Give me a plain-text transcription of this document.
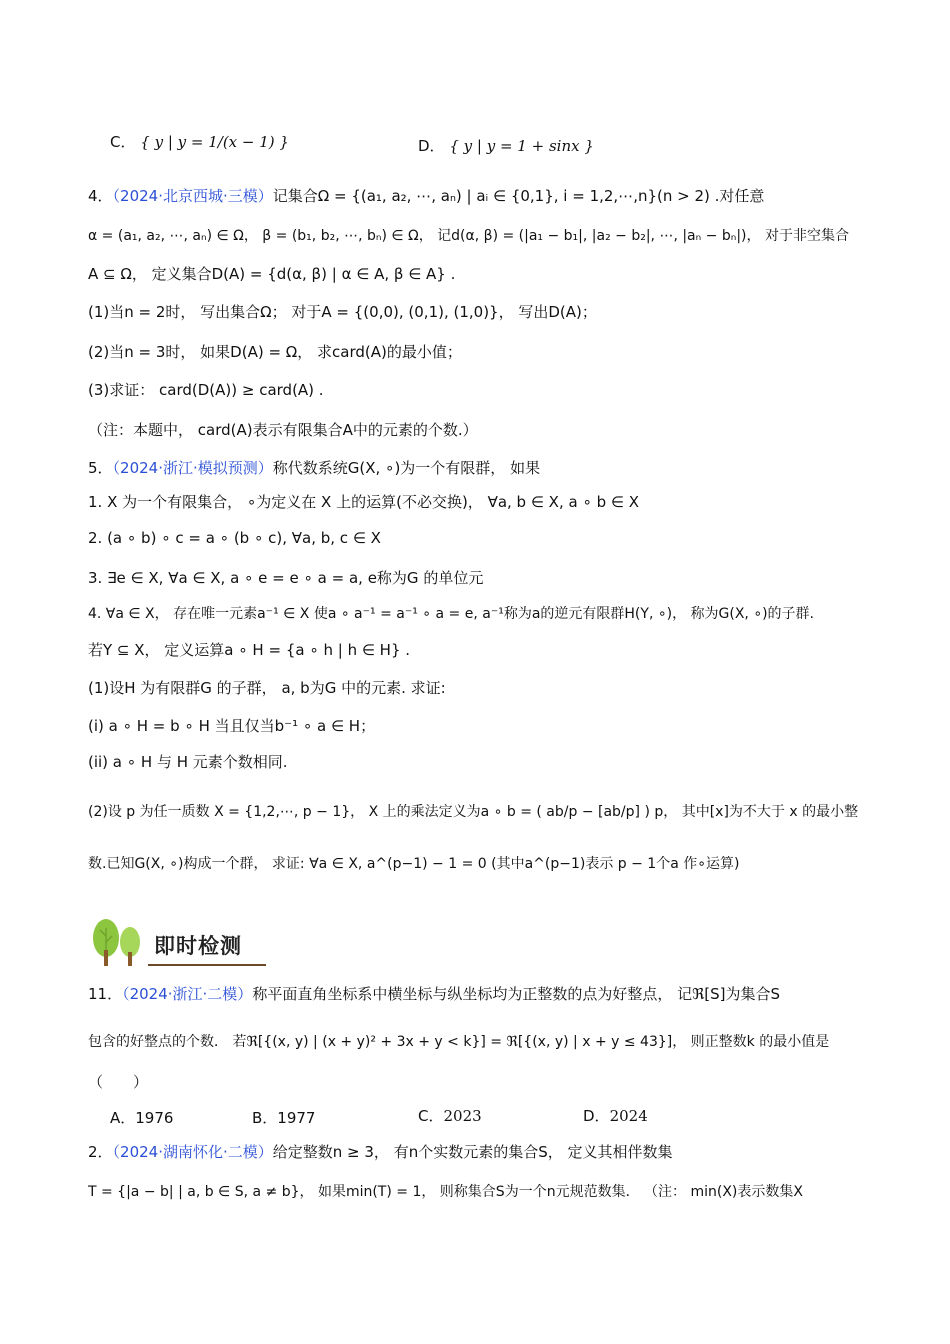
C． { y | y = 1/(x − 1) }	D． { y | y = 1 + sinx }
4．（2024·北京西城·三模）记集合Ω = {(a₁, a₂, ⋯, aₙ) | aᵢ ∈ {0,1}, i = 1,2,⋯,n}(n > 2) .对任意
α = (a₁, a₂, ⋯, aₙ) ∈ Ω， β = (b₁, b₂, ⋯, bₙ) ∈ Ω， 记d(α, β) = (|a₁ − b₁|, |a₂ − b₂|, ⋯, |aₙ − bₙ|)， 对于非空集合
A ⊆ Ω， 定义集合D(A) = {d(α, β) | α ∈ A, β ∈ A} .
(1)当n = 2时， 写出集合Ω； 对于A = {(0,0), (0,1), (1,0)}， 写出D(A)；
(2)当n = 3时， 如果D(A) = Ω， 求card(A)的最小值；
(3)求证： card(D(A)) ≥ card(A) .
（注：本题中， card(A)表示有限集合A中的元素的个数.）
5．（2024·浙江·模拟预测）称代数系统G(X, ∘)为一个有限群， 如果
1. X 为一个有限集合， ∘为定义在 X 上的运算(不必交换)， ∀a, b ∈ X, a ∘ b ∈ X
2. (a ∘ b) ∘ c = a ∘ (b ∘ c), ∀a, b, c ∈ X
3. ∃e ∈ X, ∀a ∈ X, a ∘ e = e ∘ a = a, e称为G 的单位元
4. ∀a ∈ X， 存在唯一元素a⁻¹ ∈ X 使a ∘ a⁻¹ = a⁻¹ ∘ a = e, a⁻¹称为a的逆元有限群H(Y, ∘)， 称为G(X, ∘)的子群.
若Y ⊆ X， 定义运算a ∘ H = {a ∘ h | h ∈ H} .
(1)设H 为有限群G 的子群， a, b为G 中的元素. 求证:
(i) a ∘ H = b ∘ H 当且仅当b⁻¹ ∘ a ∈ H；
(ii) a ∘ H 与 H 元素个数相同.
(2)设 p 为任一质数 X = {1,2,⋯, p − 1}， X 上的乘法定义为a ∘ b = ( ab/p − [ab/p] ) p， 其中[x]为不大于 x 的最小整
数.已知G(X, ∘)构成一个群， 求证: ∀a ∈ X, a^(p−1) − 1 = 0 (其中a^(p−1)表示 p − 1个a 作∘运算)
即时检测
11．（2024·浙江·二模）称平面直角坐标系中横坐标与纵坐标均为正整数的点为好整点， 记ℜ[S]为集合S
包含的好整点的个数． 若ℜ[{(x, y) | (x + y)² + 3x + y < k}] = ℜ[{(x, y) | x + y ≤ 43}]， 则正整数k 的最小值是
（　　）
A．1976	B．1977	C．2023	D．2024
2．（2024·湖南怀化·二模）给定整数n ≥ 3， 有n个实数元素的集合S， 定义其相伴数集
T = {|a − b| | a, b ∈ S, a ≠ b}， 如果min(T) = 1， 则称集合S为一个n元规范数集． （注： min(X)表示数集X
